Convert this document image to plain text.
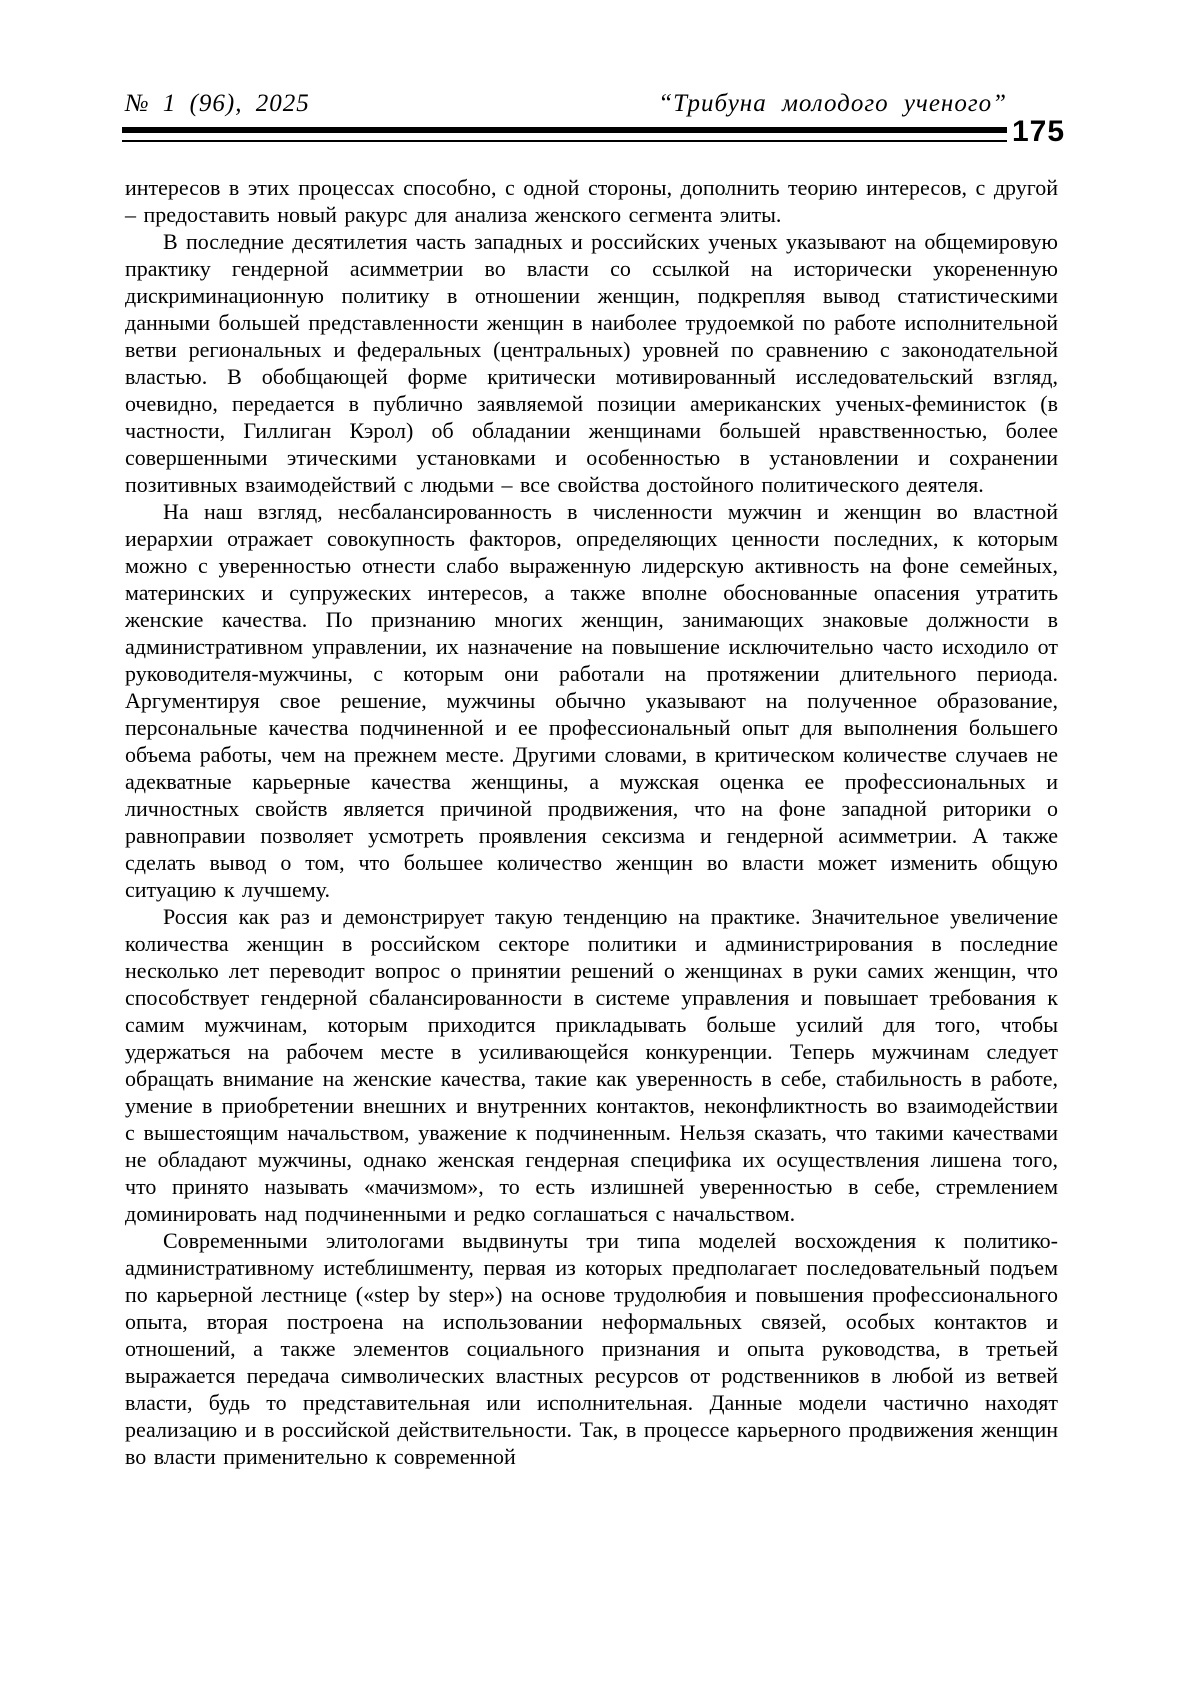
№ 1 (96), 2025	“Трибуна молодого ученого”
175

интересов в этих процессах способно, с одной стороны, дополнить теорию интересов, с другой – предоставить новый ракурс для анализа женского сегмента элиты.

В последние десятилетия часть западных и российских ученых указывают на общемировую практику гендерной асимметрии во власти со ссылкой на исторически укорененную дискриминационную политику в отношении женщин, подкрепляя вывод статистическими данными большей представленности женщин в наиболее трудоемкой по работе исполнительной ветви региональных и федеральных (центральных) уровней по сравнению с законодательной властью. В обобщающей форме критически мотивированный исследовательский взгляд, очевидно, передается в публично заявляемой позиции американских ученых-феминисток (в частности, Гиллиган Кэрол) об обладании женщинами большей нравственностью, более совершенными этическими установками и особенностью в установлении и сохранении позитивных взаимодействий с людьми – все свойства достойного политического деятеля.

На наш взгляд, несбалансированность в численности мужчин и женщин во властной иерархии отражает совокупность факторов, определяющих ценности последних, к которым можно с уверенностью отнести слабо выраженную лидерскую активность на фоне семейных, материнских и супружеских интересов, а также вполне обоснованные опасения утратить женские качества. По признанию многих женщин, занимающих знаковые должности в административном управлении, их назначение на повышение исключительно часто исходило от руководителя-мужчины, с которым они работали на протяжении длительного периода. Аргументируя свое решение, мужчины обычно указывают на полученное образование, персональные качества подчиненной и ее профессиональный опыт для выполнения большего объема работы, чем на прежнем месте. Другими словами, в критическом количестве случаев не адекватные карьерные качества женщины, а мужская оценка ее профессиональных и личностных свойств является причиной продвижения, что на фоне западной риторики о равноправии позволяет усмотреть проявления сексизма и гендерной асимметрии. А также сделать вывод о том, что большее количество женщин во власти может изменить общую ситуацию к лучшему.

Россия как раз и демонстрирует такую тенденцию на практике. Значительное увеличение количества женщин в российском секторе политики и администрирования в последние несколько лет переводит вопрос о принятии решений о женщинах в руки самих женщин, что способствует гендерной сбалансированности в системе управления и повышает требования к самим мужчинам, которым приходится прикладывать больше усилий для того, чтобы удержаться на рабочем месте в усиливающейся конкуренции. Теперь мужчинам следует обращать внимание на женские качества, такие как уверенность в себе, стабильность в работе, умение в приобретении внешних и внутренних контактов, неконфликтность во взаимодействии с вышестоящим начальством, уважение к подчиненным. Нельзя сказать, что такими качествами не обладают мужчины, однако женская гендерная специфика их осуществления лишена того, что принято называть «мачизмом», то есть излишней уверенностью в себе, стремлением доминировать над подчиненными и редко соглашаться с начальством.

Современными элитологами выдвинуты три типа моделей восхождения к политико-административному истеблишменту, первая из которых предполагает последовательный подъем по карьерной лестнице («step by step») на основе трудолюбия и повышения профессионального опыта, вторая построена на использовании неформальных связей, особых контактов и отношений, а также элементов социального признания и опыта руководства, в третьей выражается передача символических властных ресурсов от родственников в любой из ветвей власти, будь то представительная или исполнительная. Данные модели частично находят реализацию и в российской действительности. Так, в процессе карьерного продвижения женщин во власти применительно к современной
